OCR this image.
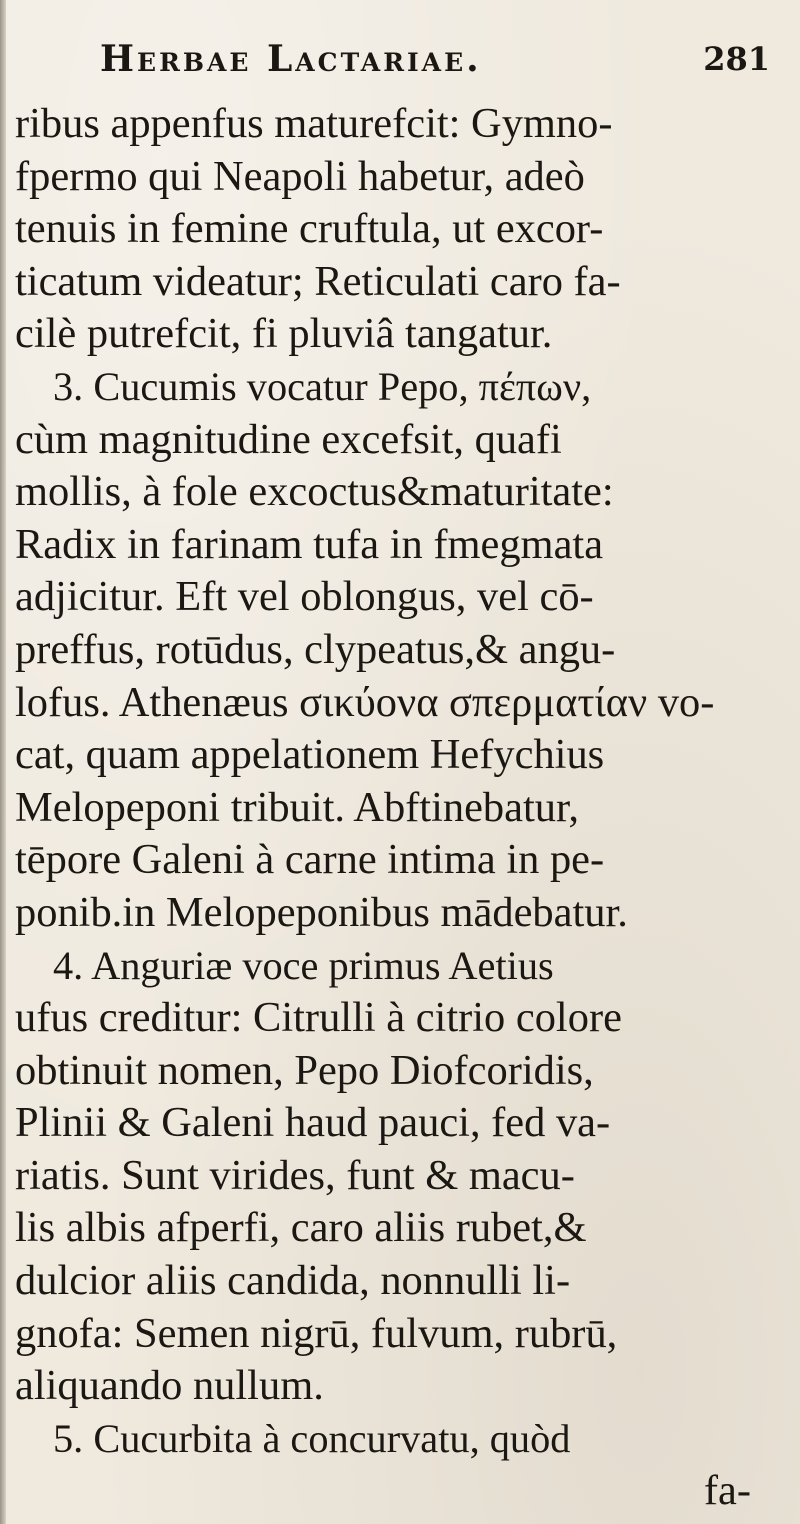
Herbae Lactariae.	281
ribus appenfus maturefcit: Gymno-
fpermo qui Neapoli habetur, adeò
tenuis in femine cruftula, ut excor-
ticatum videatur; Reticulati caro fa-
cilè putrefcit, fi pluviâ tangatur.
3. Cucumis vocatur Pepo, πέπων,
cùm magnitudine excefsit, quafi
mollis, à fole excoctus&maturitate:
Radix in farinam tufa in fmegmata
adjicitur. Eft vel oblongus, vel cō-
preffus, rotūdus, clypeatus,& angu-
lofus. Athenæus σικύονα σπερματίαν vo-
cat, quam appelationem Hefychius
Melopeponi tribuit. Abftinebatur,
tēpore Galeni à carne intima in pe-
ponib.in Melopeponibus mādebatur.
4. Anguriæ voce primus Aetius
ufus creditur: Citrulli à citrio colore
obtinuit nomen, Pepo Diofcoridis,
Plinii & Galeni haud pauci, fed va-
riatis. Sunt virides, funt & macu-
lis albis afperfi, caro aliis rubet,&
dulcior aliis candida, nonnulli li-
gnofa: Semen nigrū, fulvum, rubrū,
aliquando nullum.
5. Cucurbita à concurvatu, quòd
fa-
